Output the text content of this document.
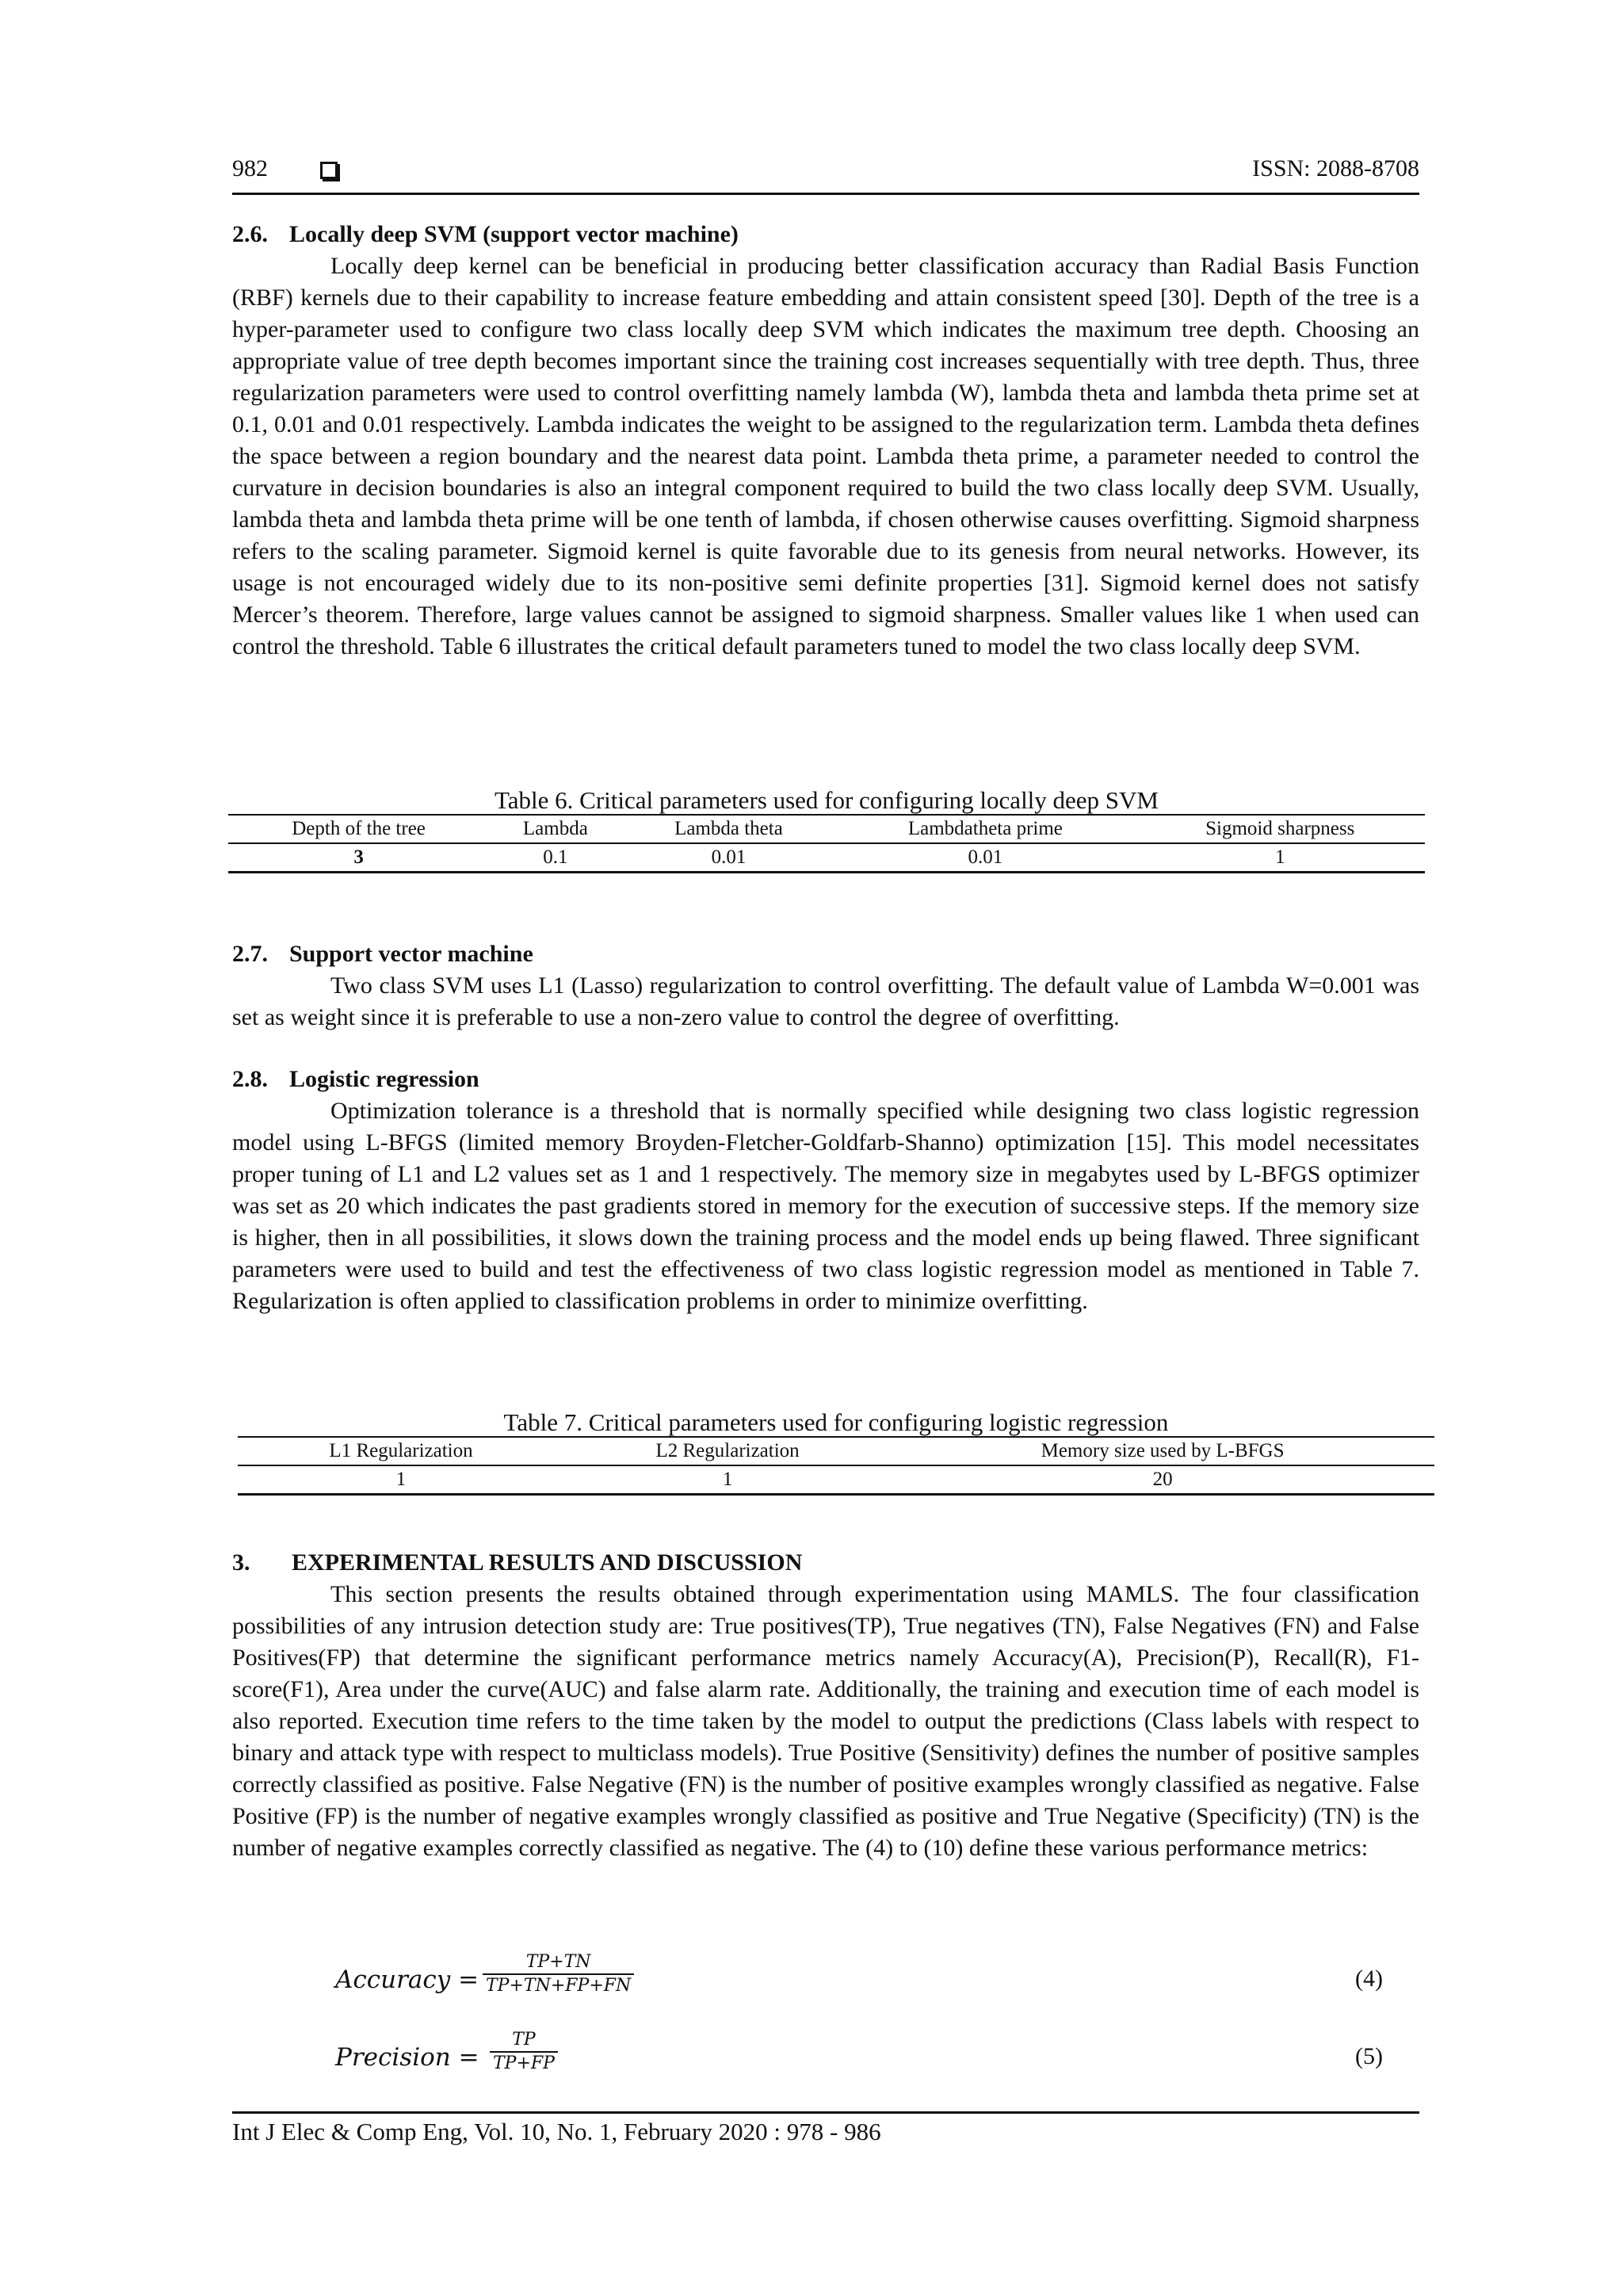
982	ISSN: 2088-8708
2.6. Locally deep SVM (support vector machine)

Locally deep kernel can be beneficial in producing better classification accuracy than Radial Basis Function (RBF) kernels due to their capability to increase feature embedding and attain consistent speed [30]. Depth of the tree is a hyper-parameter used to configure two class locally deep SVM which indicates the maximum tree depth. Choosing an appropriate value of tree depth becomes important since the training cost increases sequentially with tree depth. Thus, three regularization parameters were used to control overfitting namely lambda (W), lambda theta and lambda theta prime set at 0.1, 0.01 and 0.01 respectively. Lambda indicates the weight to be assigned to the regularization term. Lambda theta defines the space between a region boundary and the nearest data point. Lambda theta prime, a parameter needed to control the curvature in decision boundaries is also an integral component required to build the two class locally deep SVM. Usually, lambda theta and lambda theta prime will be one tenth of lambda, if chosen otherwise causes overfitting. Sigmoid sharpness refers to the scaling parameter. Sigmoid kernel is quite favorable due to its genesis from neural networks. However, its usage is not encouraged widely due to its non-positive semi definite properties [31]. Sigmoid kernel does not satisfy Mercer’s theorem. Therefore, large values cannot be assigned to sigmoid sharpness. Smaller values like 1 when used can control the threshold. Table 6 illustrates the critical default parameters tuned to model the two class locally deep SVM.

Table 6. Critical parameters used for configuring locally deep SVM

Depth of the tree	Lambda	Lambda theta	Lambdatheta prime	Sigmoid sharpness
3	0.1	0.01	0.01	1
2.7. Support vector machine

Two class SVM uses L1 (Lasso) regularization to control overfitting. The default value of Lambda W=0.001 was set as weight since it is preferable to use a non-zero value to control the degree of overfitting.

2.8. Logistic regression

Optimization tolerance is a threshold that is normally specified while designing two class logistic regression model using L-BFGS (limited memory Broyden-Fletcher-Goldfarb-Shanno) optimization [15]. This model necessitates proper tuning of L1 and L2 values set as 1 and 1 respectively. The memory size in megabytes used by L-BFGS optimizer was set as 20 which indicates the past gradients stored in memory for the execution of successive steps. If the memory size is higher, then in all possibilities, it slows down the training process and the model ends up being flawed. Three significant parameters were used to build and test the effectiveness of two class logistic regression model as mentioned in Table 7. Regularization is often applied to classification problems in order to minimize overfitting.

Table 7. Critical parameters used for configuring logistic regression

L1 Regularization	L2 Regularization	Memory size used by L-BFGS
1	1	20
3. EXPERIMENTAL RESULTS AND DISCUSSION

This section presents the results obtained through experimentation using MAMLS. The four classification possibilities of any intrusion detection study are: True positives(TP), True negatives (TN), False Negatives (FN) and False Positives(FP) that determine the significant performance metrics namely Accuracy(A), Precision(P), Recall(R), F1-score(F1), Area under the curve(AUC) and false alarm rate. Additionally, the training and execution time of each model is also reported. Execution time refers to the time taken by the model to output the predictions (Class labels with respect to binary and attack type with respect to multiclass models). True Positive (Sensitivity) defines the number of positive samples correctly classified as positive. False Negative (FN) is the number of positive examples wrongly classified as negative. False Positive (FP) is the number of negative examples wrongly classified as positive and True Negative (Specificity) (TN) is the number of negative examples correctly classified as negative. The (4) to (10) define these various performance metrics:

Accuracy =
TP+TN
TP+TN+FP+FN	(4)
Precision =
TP
TP+FP	(5)
Int J Elec & Comp Eng, Vol. 10, No. 1, February 2020 : 978 - 986
